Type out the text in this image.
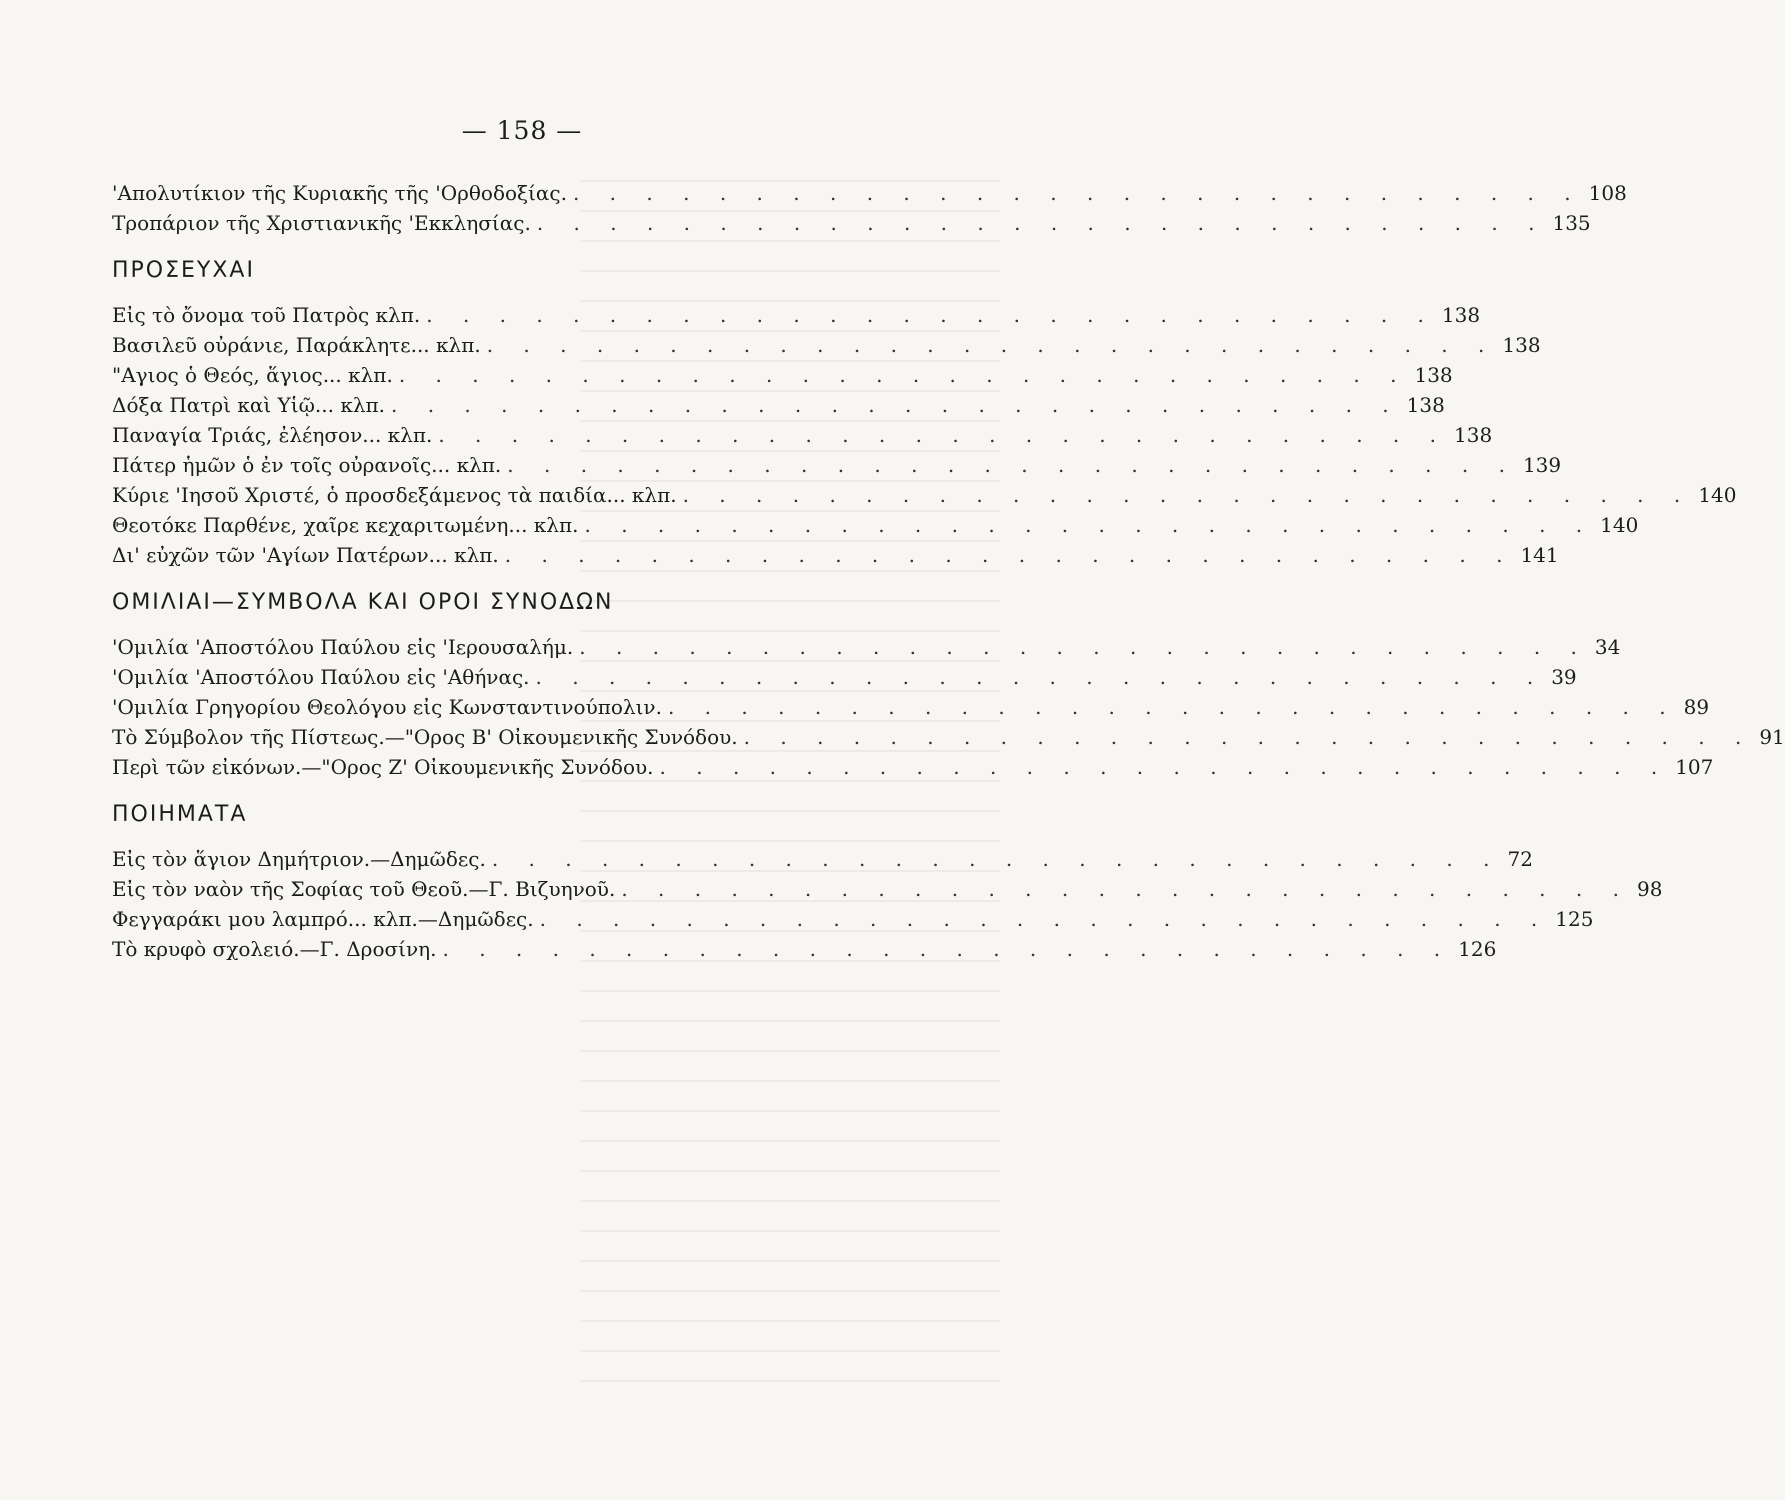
— 158 —
'Απολυτίκιον τῆς Κυριακῆς τῆς 'Ορθοδοξίας. . . . . . . . . . . . . . . . . . . . . . . . . . . . . 108
Τροπάριον τῆς Χριστιανικῆς 'Εκκλησίας. . . . . . . . . . . . . . . . . . . . . . . . . . . . . 135
ΠΡΟΣΕΥΧΑΙ
Εἰς τὸ ὄνομα τοῦ Πατρὸς κλπ. . . . . . . . . . . . . . . . . . . . . . . . . . . . . 138
Βασιλεῦ οὐράνιε, Παράκλητε... κλπ. . . . . . . . . . . . . . . . . . . . . . . . . . . . . 138
"Αγιος ὁ Θεός, ἅγιος... κλπ. . . . . . . . . . . . . . . . . . . . . . . . . . . . . 138
Δόξα Πατρὶ καὶ Υἱῷ... κλπ. . . . . . . . . . . . . . . . . . . . . . . . . . . . . 138
Παναγία Τριάς, ἐλέησον... κλπ. . . . . . . . . . . . . . . . . . . . . . . . . . . . . 138
Πάτερ ἡμῶν ὁ ἐν τοῖς οὐρανοῖς... κλπ. . . . . . . . . . . . . . . . . . . . . . . . . . . . . 139
Κύριε 'Ιησοῦ Χριστέ, ὁ προσδεξάμενος τὰ παιδία... κλπ. . . . . . . . . . . . . . . . . . . . . . . . . . . . . 140
Θεοτόκε Παρθένε, χαῖρε κεχαριτωμένη... κλπ. . . . . . . . . . . . . . . . . . . . . . . . . . . . . 140
Δι' εὐχῶν τῶν 'Αγίων Πατέρων... κλπ. . . . . . . . . . . . . . . . . . . . . . . . . . . . . 141
ΟΜΙΛΙΑΙ—ΣΥΜΒΟΛΑ ΚΑΙ ΟΡΟΙ ΣΥΝΟΔΩΝ
'Ομιλία 'Αποστόλου Παύλου εἰς 'Ιερουσαλήμ. . . . . . . . . . . . . . . . . . . . . . . . . . . . . 34
'Ομιλία 'Αποστόλου Παύλου εἰς 'Αθήνας. . . . . . . . . . . . . . . . . . . . . . . . . . . . . 39
'Ομιλία Γρηγορίου Θεολόγου εἰς Κωνσταντινούπολιν. . . . . . . . . . . . . . . . . . . . . . . . . . . . . 89
Τὸ Σύμβολον τῆς Πίστεως.—"Ορος Β' Οἰκουμενικῆς Συνόδου. . . . . . . . . . . . . . . . . . . . . . . . . . . . . 91
Περὶ τῶν εἰκόνων.—"Ορος Ζ' Οἰκουμενικῆς Συνόδου. . . . . . . . . . . . . . . . . . . . . . . . . . . . . 107
ΠΟΙΗΜΑΤΑ
Εἰς τὸν ἅγιον Δημήτριον.—Δημῶδες. . . . . . . . . . . . . . . . . . . . . . . . . . . . . 72
Εἰς τὸν ναὸν τῆς Σοφίας τοῦ Θεοῦ.—Γ. Βιζυηνοῦ. . . . . . . . . . . . . . . . . . . . . . . . . . . . . 98
Φεγγαράκι μου λαμπρό... κλπ.—Δημῶδες. . . . . . . . . . . . . . . . . . . . . . . . . . . . . 125
Τὸ κρυφὸ σχολειό.—Γ. Δροσίνη. . . . . . . . . . . . . . . . . . . . . . . . . . . . . 126
